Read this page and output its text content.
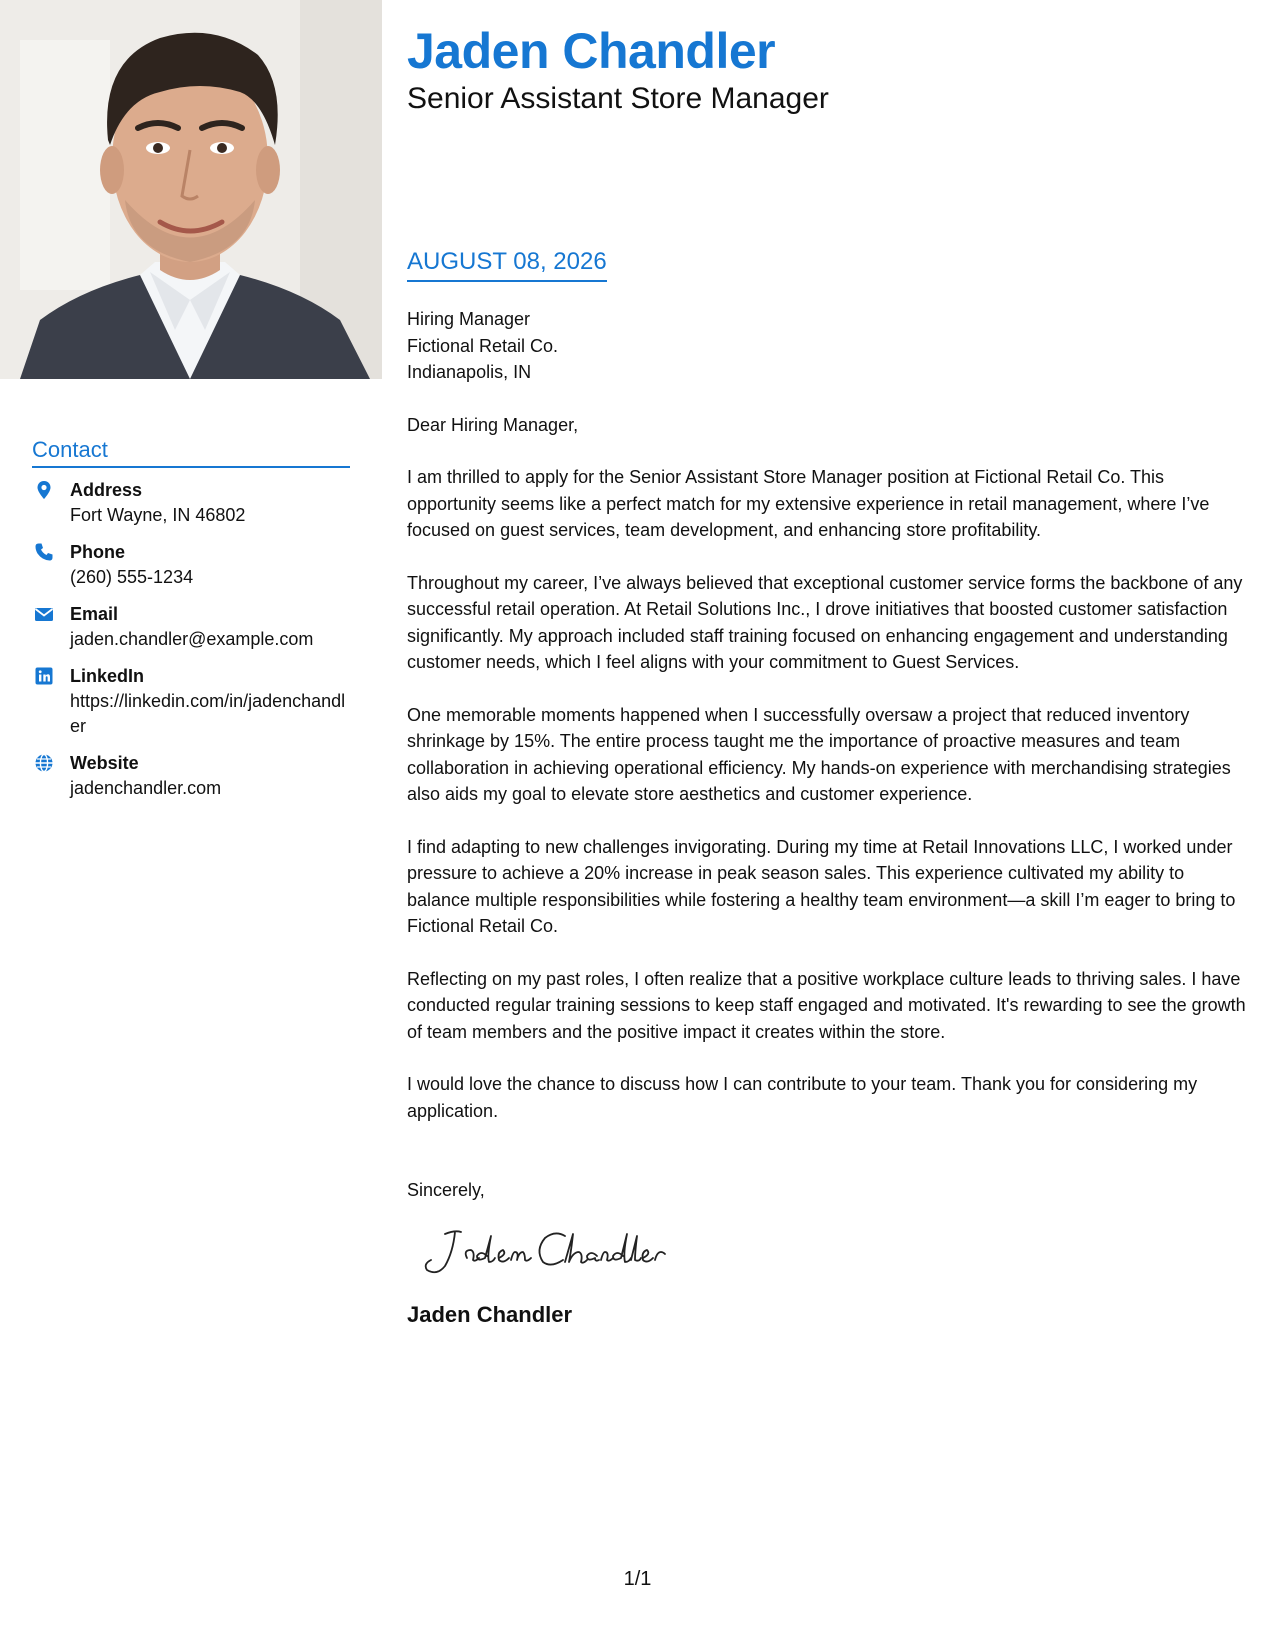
Contact
Address
Fort Wayne, IN 46802
Phone
(260) 555-1234
Email
jaden.chandler@example.com
LinkedIn
https://linkedin.com/in/jadenchandler
Website
jadenchandler.com
Jaden Chandler
Senior Assistant Store Manager
AUGUST 08, 2026
Hiring Manager
Fictional Retail Co.
Indianapolis, IN

Dear Hiring Manager,

I am thrilled to apply for the Senior Assistant Store Manager position at Fictional Retail Co. This opportunity seems like a perfect match for my extensive experience in retail management, where I’ve focused on guest services, team development, and enhancing store profitability.

Throughout my career, I’ve always believed that exceptional customer service forms the backbone of any successful retail operation. At Retail Solutions Inc., I drove initiatives that boosted customer satisfaction significantly. My approach included staff training focused on enhancing engagement and understanding customer needs, which I feel aligns with your commitment to Guest Services.

One memorable moments happened when I successfully oversaw a project that reduced inventory shrinkage by 15%. The entire process taught me the importance of proactive measures and team collaboration in achieving operational efficiency. My hands-on experience with merchandising strategies also aids my goal to elevate store aesthetics and customer experience.

I find adapting to new challenges invigorating. During my time at Retail Innovations LLC, I worked under pressure to achieve a 20% increase in peak season sales. This experience cultivated my ability to balance multiple responsibilities while fostering a healthy team environment—a skill I’m eager to bring to Fictional Retail Co.

Reflecting on my past roles, I often realize that a positive workplace culture leads to thriving sales. I have conducted regular training sessions to keep staff engaged and motivated. It's rewarding to see the growth of team members and the positive impact it creates within the store.

I would love the chance to discuss how I can contribute to your team. Thank you for considering my application.

Sincerely,

Jaden Chandler
1/1
